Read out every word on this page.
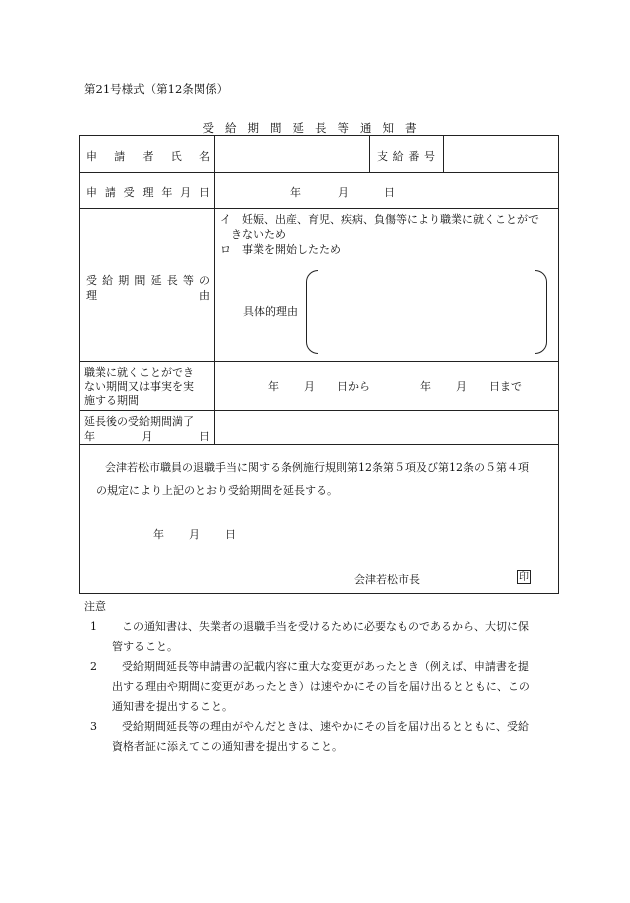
第21号様式（第12条関係）
受給期間延長等通知書
申 請 者 氏 名	支 給 番 号
申 請 受 理 年 月 日	年	月	日
受 給 期 間 延 長 等 の
理	由
イ　妊娠、出産、育児、疾病、負傷等により職業に就くことがで
きないため
ロ　事業を開始したため
具体的理由
職業に就くことができ
ない期間又は事実を実
施する期間
年 月 日から	年 月 日まで
延長後の受給期間満了
年	月	日
会津若松市職員の退職手当に関する条例施行規則第12条第５項及び第12条の５第４項
の規定により上記のとおり受給期間を延長する。
年 月 日
会津若松市長	印
注意
1	この通知書は、失業者の退職手当を受けるために必要なものであるから、大切に保
管すること。
2	受給期間延長等申請書の記載内容に重大な変更があったとき（例えば、申請書を提
出する理由や期間に変更があったとき）は速やかにその旨を届け出るとともに、この
通知書を提出すること。
3	受給期間延長等の理由がやんだときは、速やかにその旨を届け出るとともに、受給
資格者証に添えてこの通知書を提出すること。
